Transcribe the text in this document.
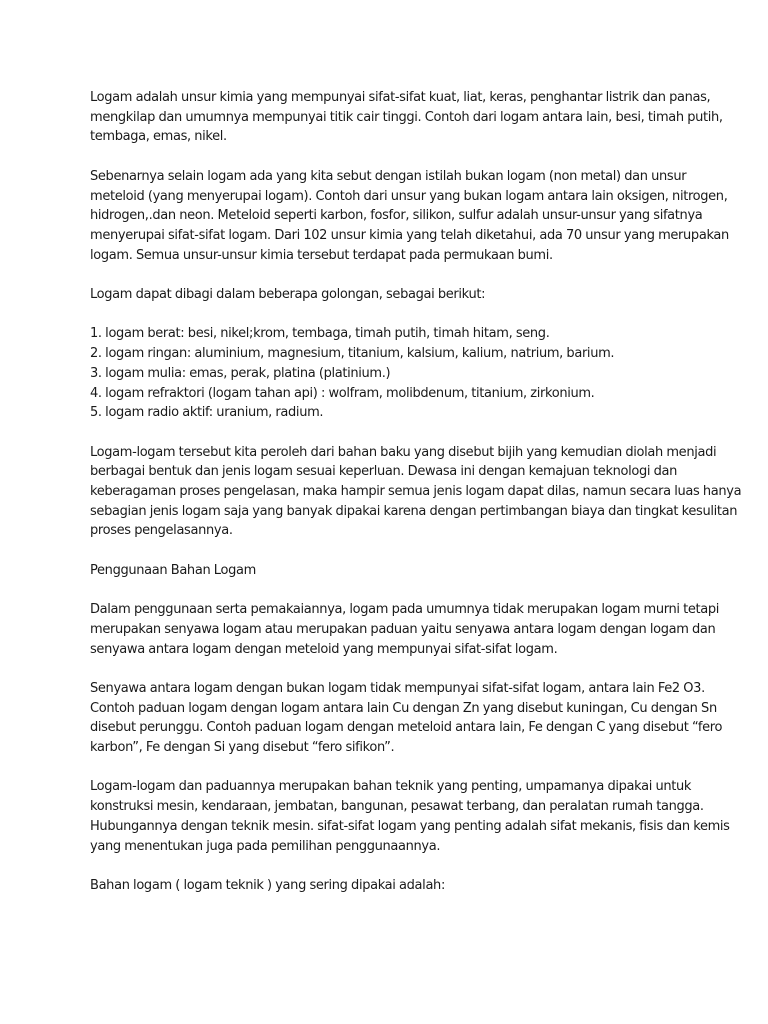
Logam adalah unsur kimia yang mempunyai sifat-sifat kuat, liat, keras, penghantar listrik dan panas,
mengkilap dan umumnya mempunyai titik cair tinggi. Contoh dari logam antara lain, besi, timah putih,
tembaga, emas, nikel.

Sebenarnya selain logam ada yang kita sebut dengan istilah bukan logam (non metal) dan unsur
meteloid (yang menyerupai logam). Contoh dari unsur yang bukan logam antara lain oksigen, nitrogen,
hidrogen,.dan neon. Meteloid seperti karbon, fosfor, silikon, sulfur adalah unsur-unsur yang sifatnya
menyerupai sifat-sifat logam. Dari 102 unsur kimia yang telah diketahui, ada 70 unsur yang merupakan
logam. Semua unsur-unsur kimia tersebut terdapat pada permukaan bumi.

Logam dapat dibagi dalam beberapa golongan, sebagai berikut:

1. logam berat: besi, nikel;krom, tembaga, timah putih, timah hitam, seng.
2. logam ringan: aluminium, magnesium, titanium, kalsium, kalium, natrium, barium.
3. logam mulia: emas, perak, platina (platinium.)
4. logam refraktori (logam tahan api) : wolfram, molibdenum, titanium, zirkonium.
5. logam radio aktif: uranium, radium.

Logam-logam tersebut kita peroleh dari bahan baku yang disebut bijih yang kemudian diolah menjadi
berbagai bentuk dan jenis logam sesuai keperluan. Dewasa ini dengan kemajuan teknologi dan
keberagaman proses pengelasan, maka hampir semua jenis logam dapat dilas, namun secara luas hanya
sebagian jenis logam saja yang banyak dipakai karena dengan pertimbangan biaya dan tingkat kesulitan
proses pengelasannya.

Penggunaan Bahan Logam

Dalam penggunaan serta pemakaiannya, logam pada umumnya tidak merupakan logam murni tetapi
merupakan senyawa logam atau merupakan paduan yaitu senyawa antara logam dengan logam dan
senyawa antara logam dengan meteloid yang mempunyai sifat-sifat logam.

Senyawa antara logam dengan bukan logam tidak mempunyai sifat-sifat logam, antara lain Fe2 O3.
Contoh paduan logam dengan logam antara lain Cu dengan Zn yang disebut kuningan, Cu dengan Sn
disebut perunggu. Contoh paduan logam dengan meteloid antara lain, Fe dengan C yang disebut “fero
karbon”, Fe dengan Si yang disebut “fero sifikon”.

Logam-logam dan paduannya merupakan bahan teknik yang penting, umpamanya dipakai untuk
konstruksi mesin, kendaraan, jembatan, bangunan, pesawat terbang, dan peralatan rumah tangga.
Hubungannya dengan teknik mesin. sifat-sifat logam yang penting adalah sifat mekanis, fisis dan kemis
yang menentukan juga pada pemilihan penggunaannya.

Bahan logam ( logam teknik ) yang sering dipakai adalah:
